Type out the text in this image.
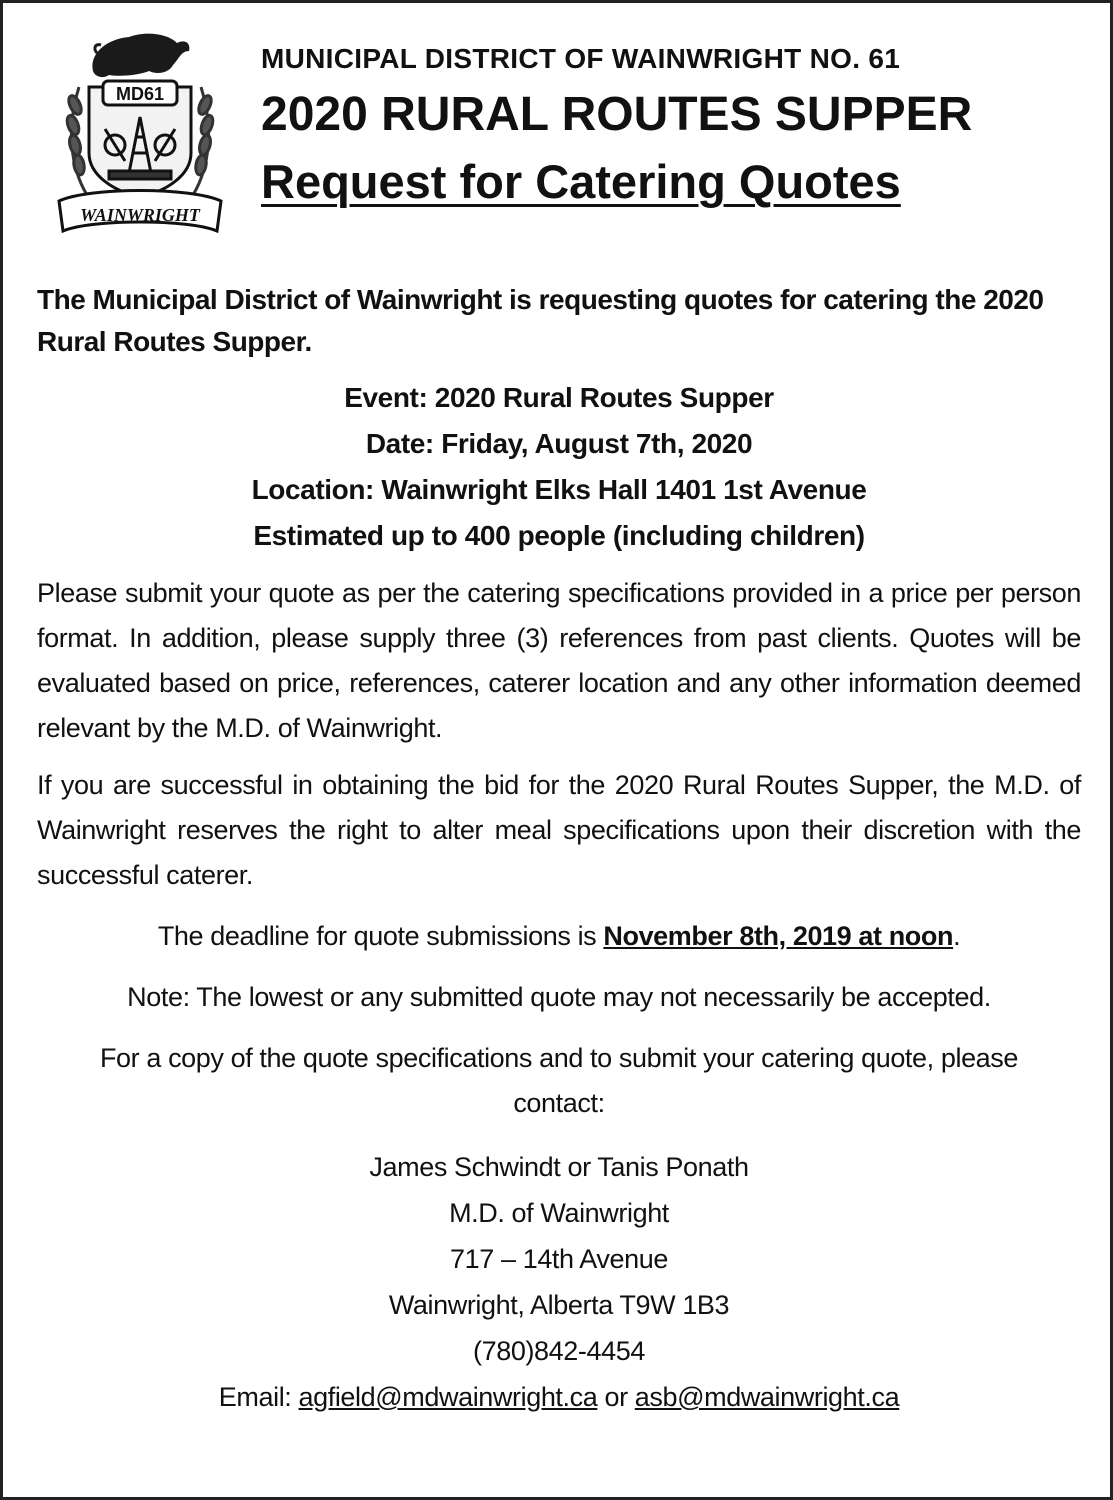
MD61
WAINWRIGHT
MUNICIPAL DISTRICT OF WAINWRIGHT NO. 61
2020 RURAL ROUTES SUPPER
Request for Catering Quotes

The Municipal District of Wainwright is requesting quotes for catering the 2020 Rural Routes Supper.

Event: 2020 Rural Routes Supper

Date: Friday, August 7th, 2020

Location: Wainwright Elks Hall 1401 1st Avenue

Estimated up to 400 people (including children)

Please submit your quote as per the catering specifications provided in a price per person format. In addition, please supply three (3) references from past clients. Quotes will be evaluated based on price, references, caterer location and any other information deemed relevant by the M.D. of Wainwright.

If you are successful in obtaining the bid for the 2020 Rural Routes Supper, the M.D. of Wainwright reserves the right to alter meal specifications upon their discretion with the successful caterer.

The deadline for quote submissions is November 8th, 2019 at noon.

Note: The lowest or any submitted quote may not necessarily be accepted.

For a copy of the quote specifications and to submit your catering quote, please contact:

James Schwindt or Tanis Ponath

M.D. of Wainwright

717 – 14th Avenue

Wainwright, Alberta T9W 1B3

(780)842-4454

Email: agfield@mdwainwright.ca or asb@mdwainwright.ca
